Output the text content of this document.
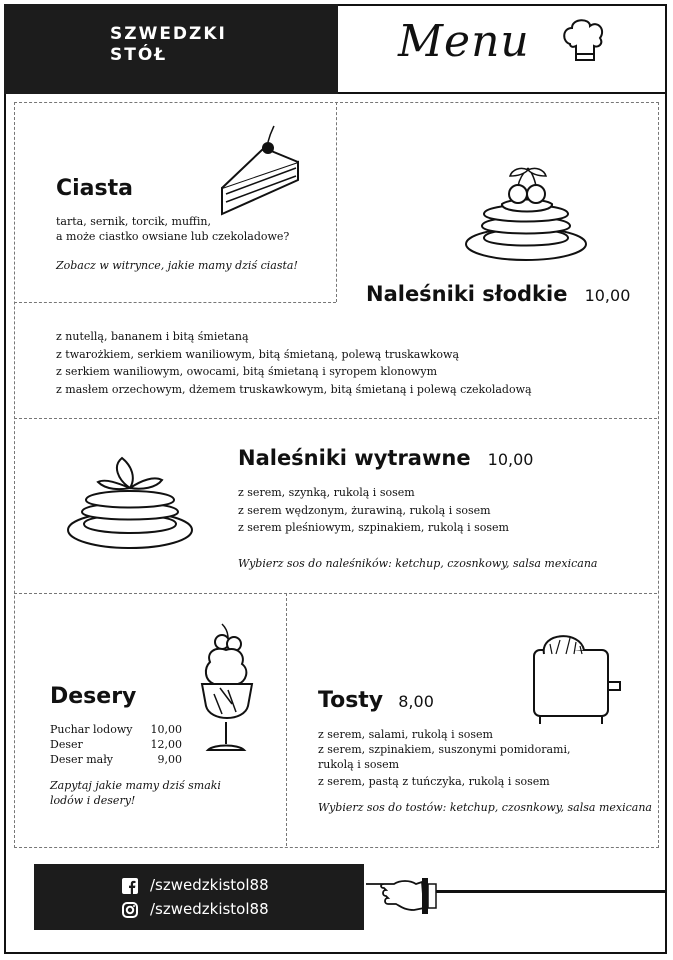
SZWEDZKI
STÓŁ	Menu
Ciasta
tarta, sernik, torcik, muffin,
a może ciastko owsiane lub czekoladowe?
Zobacz w witrynce, jakie mamy dziś ciasta!
Naleśniki słodkie 10,00
z nutellą, bananem i bitą śmietaną
z twarożkiem, serkiem waniliowym, bitą śmietaną, polewą truskawkową
z serkiem waniliowym, owocami, bitą śmietaną i syropem klonowym
z masłem orzechowym, dżemem truskawkowym, bitą śmietaną i polewą czekoladową
Naleśniki wytrawne 10,00
z serem, szynką, rukolą i sosem
z serem wędzonym, żurawiną, rukolą i sosem
z serem pleśniowym, szpinakiem, rukolą i sosem
Wybierz sos do naleśników: ketchup, czosnkowy, salsa mexicana
Desery
Puchar lodowy 10,00
Deser	12,00
Deser mały	9,00
Zapytaj jakie mamy dziś smaki
lodów i desery!
Tosty 8,00
z serem, salami, rukolą i sosem
z serem, szpinakiem, suszonymi pomidorami,
rukolą i sosem
z serem, pastą z tuńczyka, rukolą i sosem
Wybierz sos do tostów: ketchup, czosnkowy, salsa mexicana
/szwedzkistol88
/szwedzkistol88
